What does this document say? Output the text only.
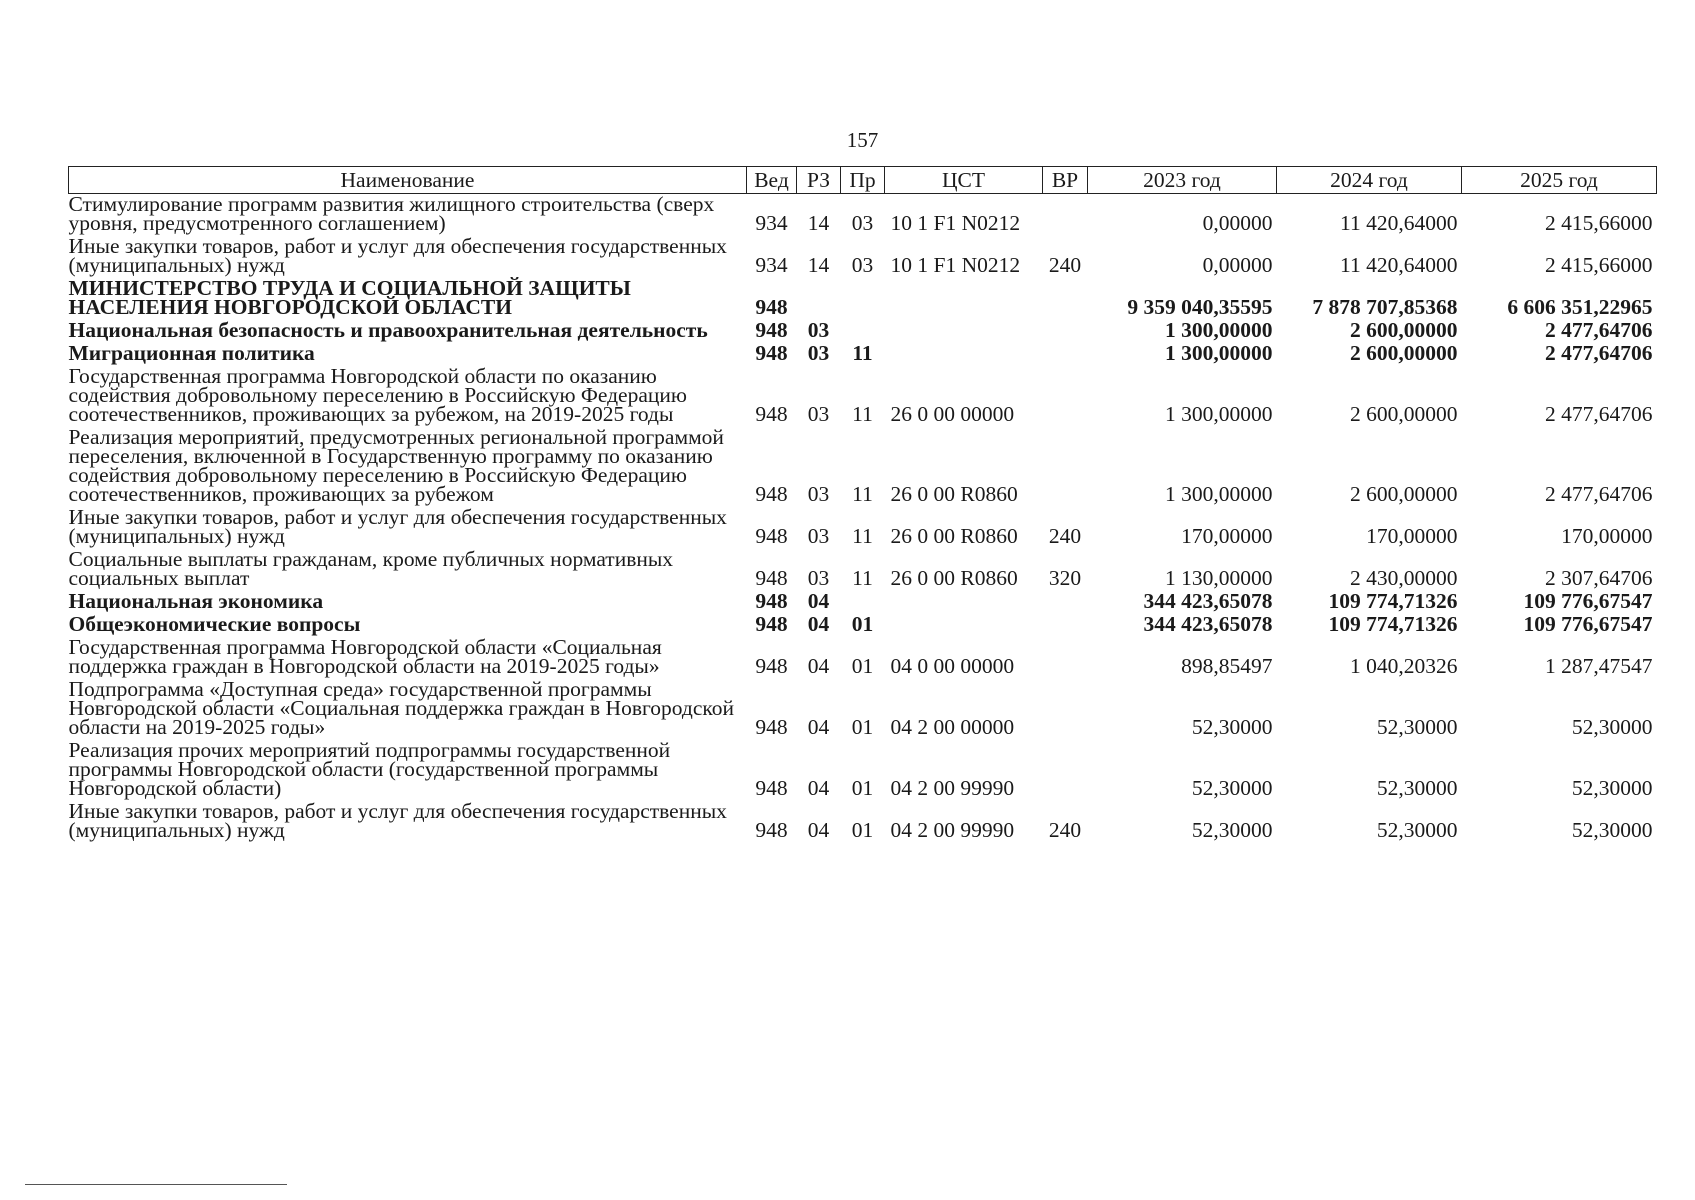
157
Наименование	Вед	РЗ	Пр	ЦСТ	ВР	2023 год	2024 год	2025 год
Стимулирование программ развития жилищного строительства (сверх уровня, предусмотренного соглашением)	934	14	03	10 1 F1 N0212		0,00000	11 420,64000	2 415,66000
Иные закупки товаров, работ и услуг для обеспечения государственных (муниципальных) нужд	934	14	03	10 1 F1 N0212	240	0,00000	11 420,64000	2 415,66000
МИНИСТЕРСТВО ТРУДА И СОЦИАЛЬНОЙ ЗАЩИТЫ НАСЕЛЕНИЯ НОВГОРОДСКОЙ ОБЛАСТИ	948					9 359 040,35595	7 878 707,85368	6 606 351,22965
Национальная безопасность и правоохранительная деятельность	948	03				1 300,00000	2 600,00000	2 477,64706
Миграционная политика	948	03	11			1 300,00000	2 600,00000	2 477,64706
Государственная программа Новгородской области по оказанию содействия добровольному переселению в Российскую Федерацию соотечественников, проживающих за рубежом, на 2019-2025 годы	948	03	11	26 0 00 00000		1 300,00000	2 600,00000	2 477,64706
Реализация мероприятий, предусмотренных региональной программой переселения, включенной в Государственную программу по оказанию содействия добровольному переселению в Российскую Федерацию соотечественников, проживающих за рубежом	948	03	11	26 0 00 R0860		1 300,00000	2 600,00000	2 477,64706
Иные закупки товаров, работ и услуг для обеспечения государственных (муниципальных) нужд	948	03	11	26 0 00 R0860	240	170,00000	170,00000	170,00000
Социальные выплаты гражданам, кроме публичных нормативных социальных выплат	948	03	11	26 0 00 R0860	320	1 130,00000	2 430,00000	2 307,64706
Национальная экономика	948	04				344 423,65078	109 774,71326	109 776,67547
Общеэкономические вопросы	948	04	01			344 423,65078	109 774,71326	109 776,67547
Государственная программа Новгородской области «Социальная поддержка граждан в Новгородской области на 2019-2025 годы»	948	04	01	04 0 00 00000		898,85497	1 040,20326	1 287,47547
Подпрограмма «Доступная среда» государственной программы Новгородской области «Социальная поддержка граждан в Новгородской области на 2019-2025 годы»	948	04	01	04 2 00 00000		52,30000	52,30000	52,30000
Реализация прочих мероприятий подпрограммы государственной программы Новгородской области (государственной программы Новгородской области)	948	04	01	04 2 00 99990		52,30000	52,30000	52,30000
Иные закупки товаров, работ и услуг для обеспечения государственных (муниципальных) нужд	948	04	01	04 2 00 99990	240	52,30000	52,30000	52,30000
